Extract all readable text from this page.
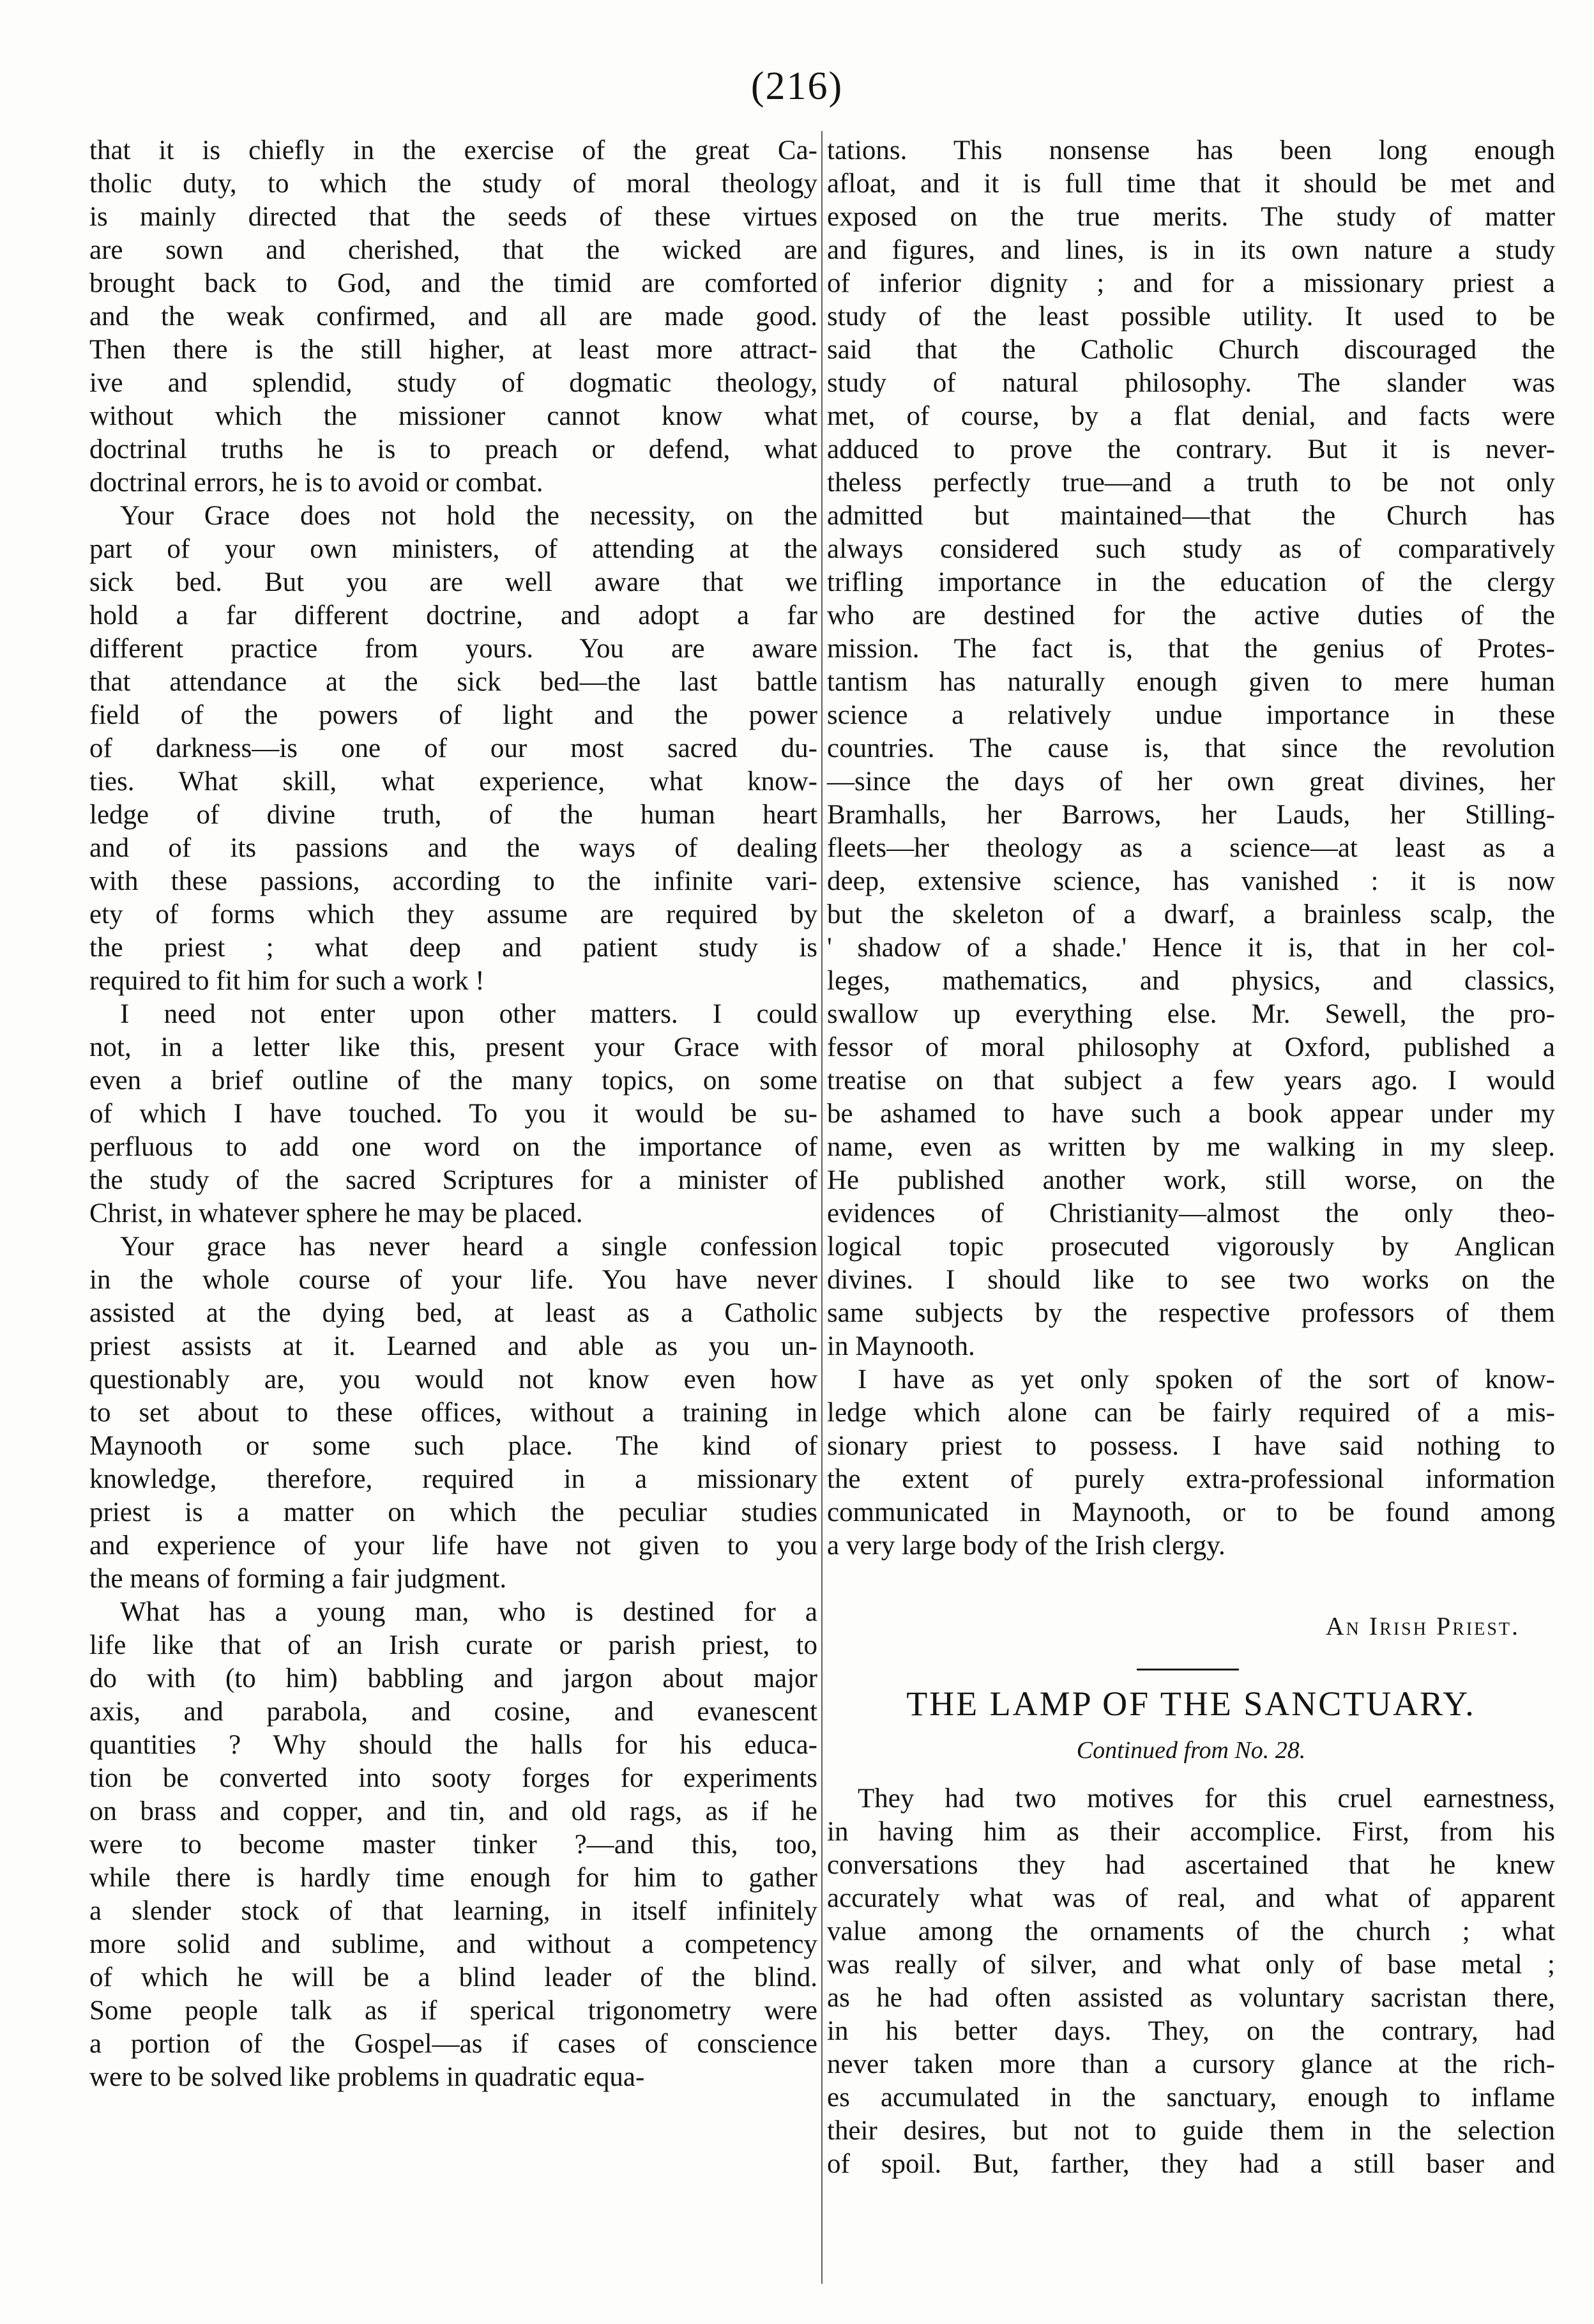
(216)
that it is chiefly in the exercise of the great Ca-
tholic duty, to which the study of moral theology
is mainly directed that the seeds of these virtues
are sown and cherished, that the wicked are
brought back to God, and the timid are comforted
and the weak confirmed, and all are made good.
Then there is the still higher, at least more attract-
ive and splendid, study of dogmatic theology,
without which the missioner cannot know what
doctrinal truths he is to preach or defend, what
doctrinal errors, he is to avoid or combat.
Your Grace does not hold the necessity, on the
part of your own ministers, of attending at the
sick bed. But you are well aware that we
hold a far different doctrine, and adopt a far
different practice from yours. You are aware
that attendance at the sick bed—the last battle
field of the powers of light and the power
of darkness—is one of our most sacred du-
ties. What skill, what experience, what know-
ledge of divine truth, of the human heart
and of its passions and the ways of dealing
with these passions, according to the infinite vari-
ety of forms which they assume are required by
the priest ; what deep and patient study is
required to fit him for such a work !
I need not enter upon other matters. I could
not, in a letter like this, present your Grace with
even a brief outline of the many topics, on some
of which I have touched. To you it would be su-
perfluous to add one word on the importance of
the study of the sacred Scriptures for a minister of
Christ, in whatever sphere he may be placed.
Your grace has never heard a single confession
in the whole course of your life. You have never
assisted at the dying bed, at least as a Catholic
priest assists at it. Learned and able as you un-
questionably are, you would not know even how
to set about to these offices, without a training in
Maynooth or some such place. The kind of
knowledge, therefore, required in a missionary
priest is a matter on which the peculiar studies
and experience of your life have not given to you
the means of forming a fair judgment.
What has a young man, who is destined for a
life like that of an Irish curate or parish priest, to
do with (to him) babbling and jargon about major
axis, and parabola, and cosine, and evanescent
quantities ? Why should the halls for his educa-
tion be converted into sooty forges for experiments
on brass and copper, and tin, and old rags, as if he
were to become master tinker ?—and this, too,
while there is hardly time enough for him to gather
a slender stock of that learning, in itself infinitely
more solid and sublime, and without a competency
of which he will be a blind leader of the blind.
Some people talk as if sperical trigonometry were
a portion of the Gospel—as if cases of conscience
were to be solved like problems in quadratic equa-
tations. This nonsense has been long enough
afloat, and it is full time that it should be met and
exposed on the true merits. The study of matter
and figures, and lines, is in its own nature a study
of inferior dignity ; and for a missionary priest a
study of the least possible utility. It used to be
said that the Catholic Church discouraged the
study of natural philosophy. The slander was
met, of course, by a flat denial, and facts were
adduced to prove the contrary. But it is never-
theless perfectly true—and a truth to be not only
admitted but maintained—that the Church has
always considered such study as of comparatively
trifling importance in the education of the clergy
who are destined for the active duties of the
mission. The fact is, that the genius of Protes-
tantism has naturally enough given to mere human
science a relatively undue importance in these
countries. The cause is, that since the revolution
—since the days of her own great divines, her
Bramhalls, her Barrows, her Lauds, her Stilling-
fleets—her theology as a science—at least as a
deep, extensive science, has vanished : it is now
but the skeleton of a dwarf, a brainless scalp, the
' shadow of a shade.' Hence it is, that in her col-
leges, mathematics, and physics, and classics,
swallow up everything else. Mr. Sewell, the pro-
fessor of moral philosophy at Oxford, published a
treatise on that subject a few years ago. I would
be ashamed to have such a book appear under my
name, even as written by me walking in my sleep.
He published another work, still worse, on the
evidences of Christianity—almost the only theo-
logical topic prosecuted vigorously by Anglican
divines. I should like to see two works on the
same subjects by the respective professors of them
in Maynooth.
I have as yet only spoken of the sort of know-
ledge which alone can be fairly required of a mis-
sionary priest to possess. I have said nothing to
the extent of purely extra-professional information
communicated in Maynooth, or to be found among
a very large body of the Irish clergy.
An Irish Priest.
THE LAMP OF THE SANCTUARY.
Continued from No. 28.
They had two motives for this cruel earnestness,
in having him as their accomplice. First, from his
conversations they had ascertained that he knew
accurately what was of real, and what of apparent
value among the ornaments of the church ; what
was really of silver, and what only of base metal ;
as he had often assisted as voluntary sacristan there,
in his better days. They, on the contrary, had
never taken more than a cursory glance at the rich-
es accumulated in the sanctuary, enough to inflame
their desires, but not to guide them in the selection
of spoil. But, farther, they had a still baser and
